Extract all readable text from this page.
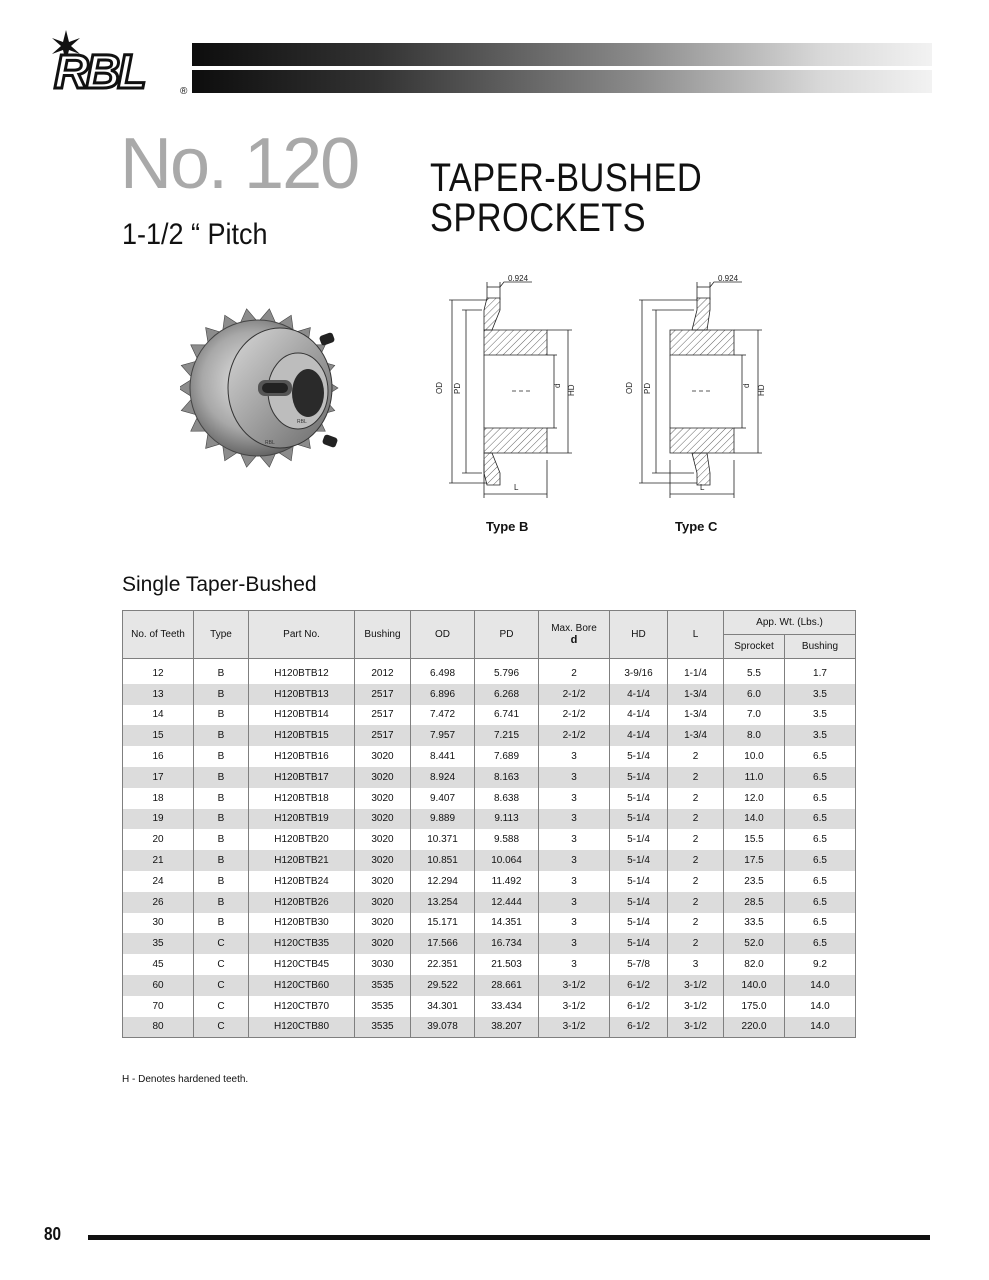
RBL	®
No. 120 TAPER-BUSHED SPROCKETS
1-1/2 “ Pitch
RBL
RBL
0.924
OD PD	d HD
L
0.924
OD PD	d HD
L
Type B	Type C
Single Taper-Bushed
No. of Teeth	Type	Part No.	Bushing	OD	PD	Max. Bore
d	HD	L	App. Wt. (Lbs.)	
									Sprocket	Bushing
12	B	H120BTB12	2012	6.498	5.796	2	3-9/16	1-1/4	5.5	1.7
13	B	H120BTB13	2517	6.896	6.268	2-1/2	4-1/4	1-3/4	6.0	3.5
14	B	H120BTB14	2517	7.472	6.741	2-1/2	4-1/4	1-3/4	7.0	3.5
15	B	H120BTB15	2517	7.957	7.215	2-1/2	4-1/4	1-3/4	8.0	3.5
16	B	H120BTB16	3020	8.441	7.689	3	5-1/4	2	10.0	6.5
17	B	H120BTB17	3020	8.924	8.163	3	5-1/4	2	11.0	6.5
18	B	H120BTB18	3020	9.407	8.638	3	5-1/4	2	12.0	6.5
19	B	H120BTB19	3020	9.889	9.113	3	5-1/4	2	14.0	6.5
20	B	H120BTB20	3020	10.371	9.588	3	5-1/4	2	15.5	6.5
21	B	H120BTB21	3020	10.851	10.064	3	5-1/4	2	17.5	6.5
24	B	H120BTB24	3020	12.294	11.492	3	5-1/4	2	23.5	6.5
26	B	H120BTB26	3020	13.254	12.444	3	5-1/4	2	28.5	6.5
30	B	H120BTB30	3020	15.171	14.351	3	5-1/4	2	33.5	6.5
35	C	H120CTB35	3020	17.566	16.734	3	5-1/4	2	52.0	6.5
45	C	H120CTB45	3030	22.351	21.503	3	5-7/8	3	82.0	9.2
60	C	H120CTB60	3535	29.522	28.661	3-1/2	6-1/2	3-1/2	140.0	14.0
70	C	H120CTB70	3535	34.301	33.434	3-1/2	6-1/2	3-1/2	175.0	14.0
80	C	H120CTB80	3535	39.078	38.207	3-1/2	6-1/2	3-1/2	220.0	14.0
H - Denotes hardened teeth.
80
